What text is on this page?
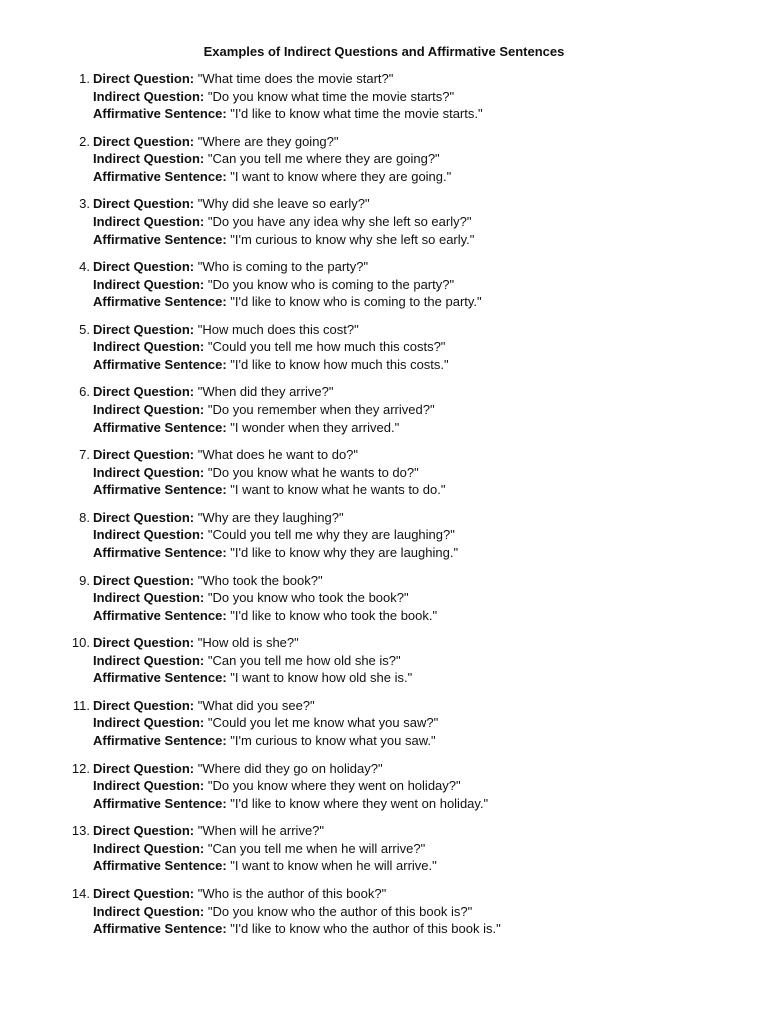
Examples of Indirect Questions and Affirmative Sentences
1. Direct Question: "What time does the movie start?"
Indirect Question: "Do you know what time the movie starts?"
Affirmative Sentence: "I'd like to know what time the movie starts."
2. Direct Question: "Where are they going?"
Indirect Question: "Can you tell me where they are going?"
Affirmative Sentence: "I want to know where they are going."
3. Direct Question: "Why did she leave so early?"
Indirect Question: "Do you have any idea why she left so early?"
Affirmative Sentence: "I'm curious to know why she left so early."
4. Direct Question: "Who is coming to the party?"
Indirect Question: "Do you know who is coming to the party?"
Affirmative Sentence: "I'd like to know who is coming to the party."
5. Direct Question: "How much does this cost?"
Indirect Question: "Could you tell me how much this costs?"
Affirmative Sentence: "I'd like to know how much this costs."
6. Direct Question: "When did they arrive?"
Indirect Question: "Do you remember when they arrived?"
Affirmative Sentence: "I wonder when they arrived."
7. Direct Question: "What does he want to do?"
Indirect Question: "Do you know what he wants to do?"
Affirmative Sentence: "I want to know what he wants to do."
8. Direct Question: "Why are they laughing?"
Indirect Question: "Could you tell me why they are laughing?"
Affirmative Sentence: "I'd like to know why they are laughing."
9. Direct Question: "Who took the book?"
Indirect Question: "Do you know who took the book?"
Affirmative Sentence: "I'd like to know who took the book."
10. Direct Question: "How old is she?"
Indirect Question: "Can you tell me how old she is?"
Affirmative Sentence: "I want to know how old she is."
11. Direct Question: "What did you see?"
Indirect Question: "Could you let me know what you saw?"
Affirmative Sentence: "I'm curious to know what you saw."
12. Direct Question: "Where did they go on holiday?"
Indirect Question: "Do you know where they went on holiday?"
Affirmative Sentence: "I'd like to know where they went on holiday."
13. Direct Question: "When will he arrive?"
Indirect Question: "Can you tell me when he will arrive?"
Affirmative Sentence: "I want to know when he will arrive."
14. Direct Question: "Who is the author of this book?"
Indirect Question: "Do you know who the author of this book is?"
Affirmative Sentence: "I'd like to know who the author of this book is."
